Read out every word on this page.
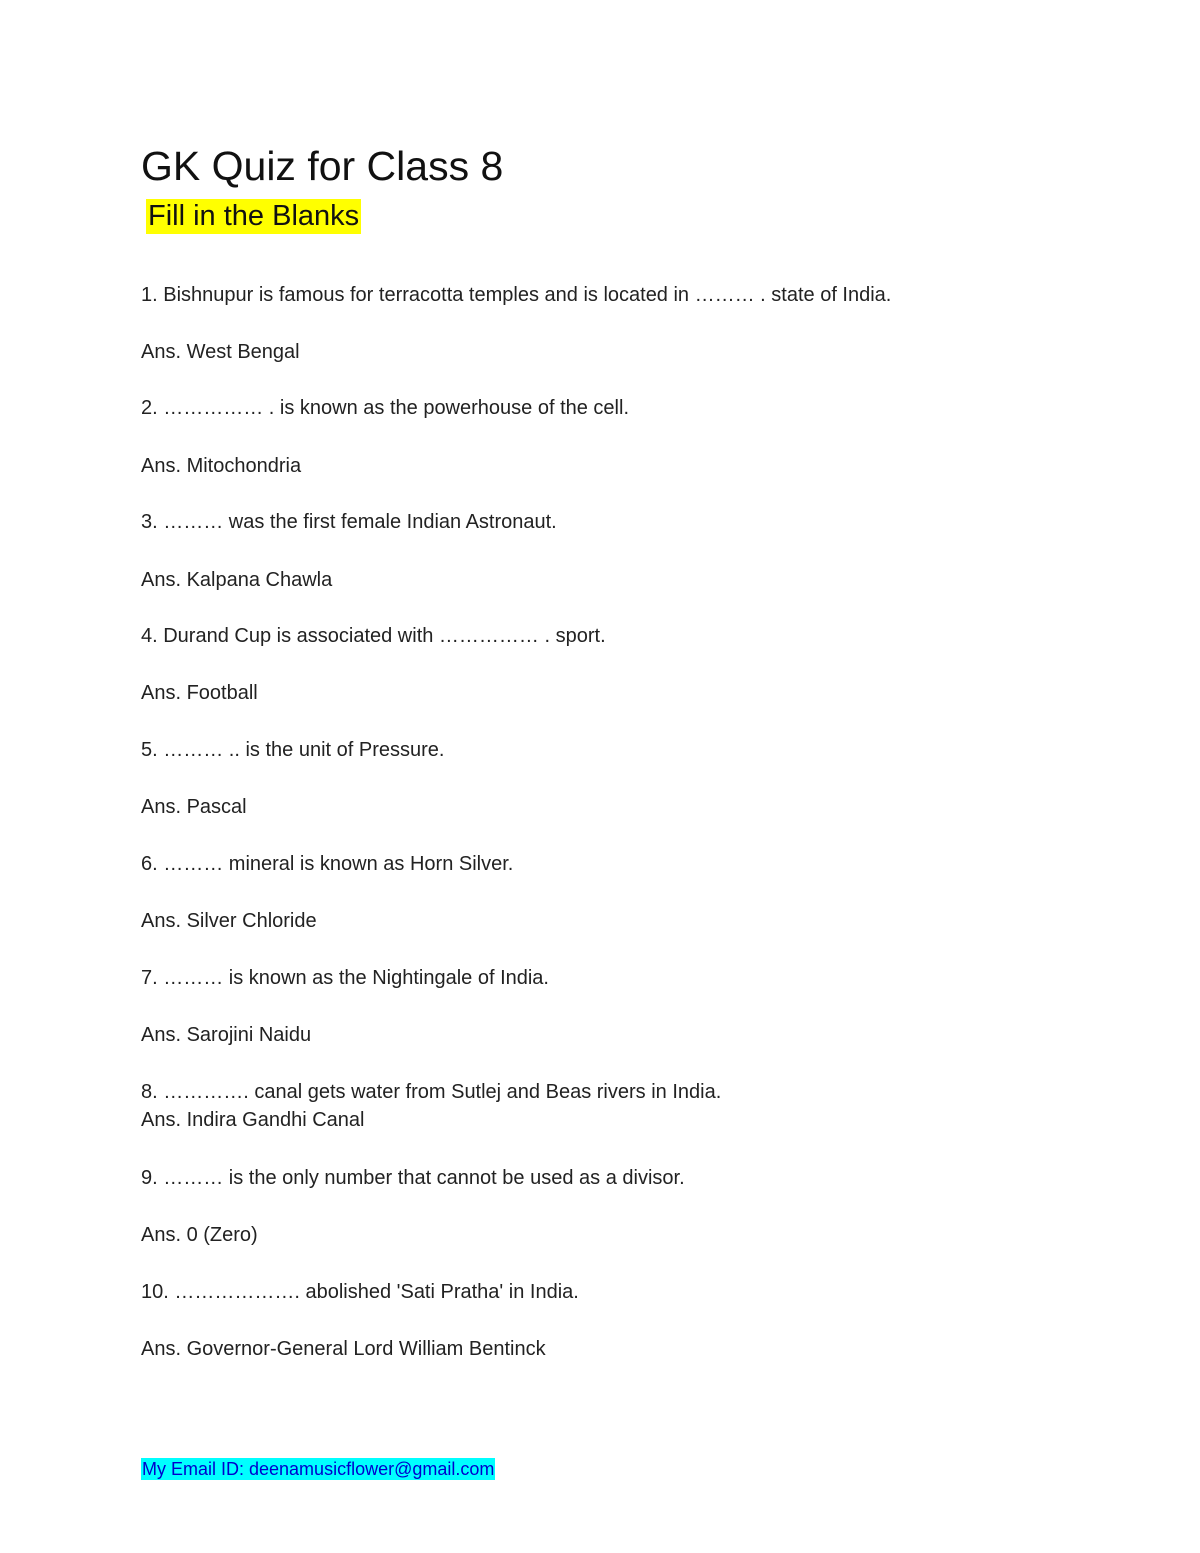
GK Quiz for Class 8
Fill in the Blanks
1. Bishnupur is famous for terracotta temples and is located in ……… . state of India.
Ans. West Bengal
2. …………… . is known as the powerhouse of the cell.
Ans. Mitochondria
3. ……… was the first female Indian Astronaut.
Ans. Kalpana Chawla
4. Durand Cup is associated with …………… . sport.
Ans. Football
5. ……… .. is the unit of Pressure.
Ans. Pascal
6. ……… mineral is known as Horn Silver.
Ans. Silver Chloride
7. ……… is known as the Nightingale of India.
Ans. Sarojini Naidu
8. …………. canal gets water from Sutlej and Beas rivers in India.
Ans. Indira Gandhi Canal
9. ……… is the only number that cannot be used as a divisor.
Ans. 0 (Zero)
10. ………………. abolished 'Sati Pratha' in India.
Ans. Governor-General Lord William Bentinck
My Email ID: deenamusicflower@gmail.com
